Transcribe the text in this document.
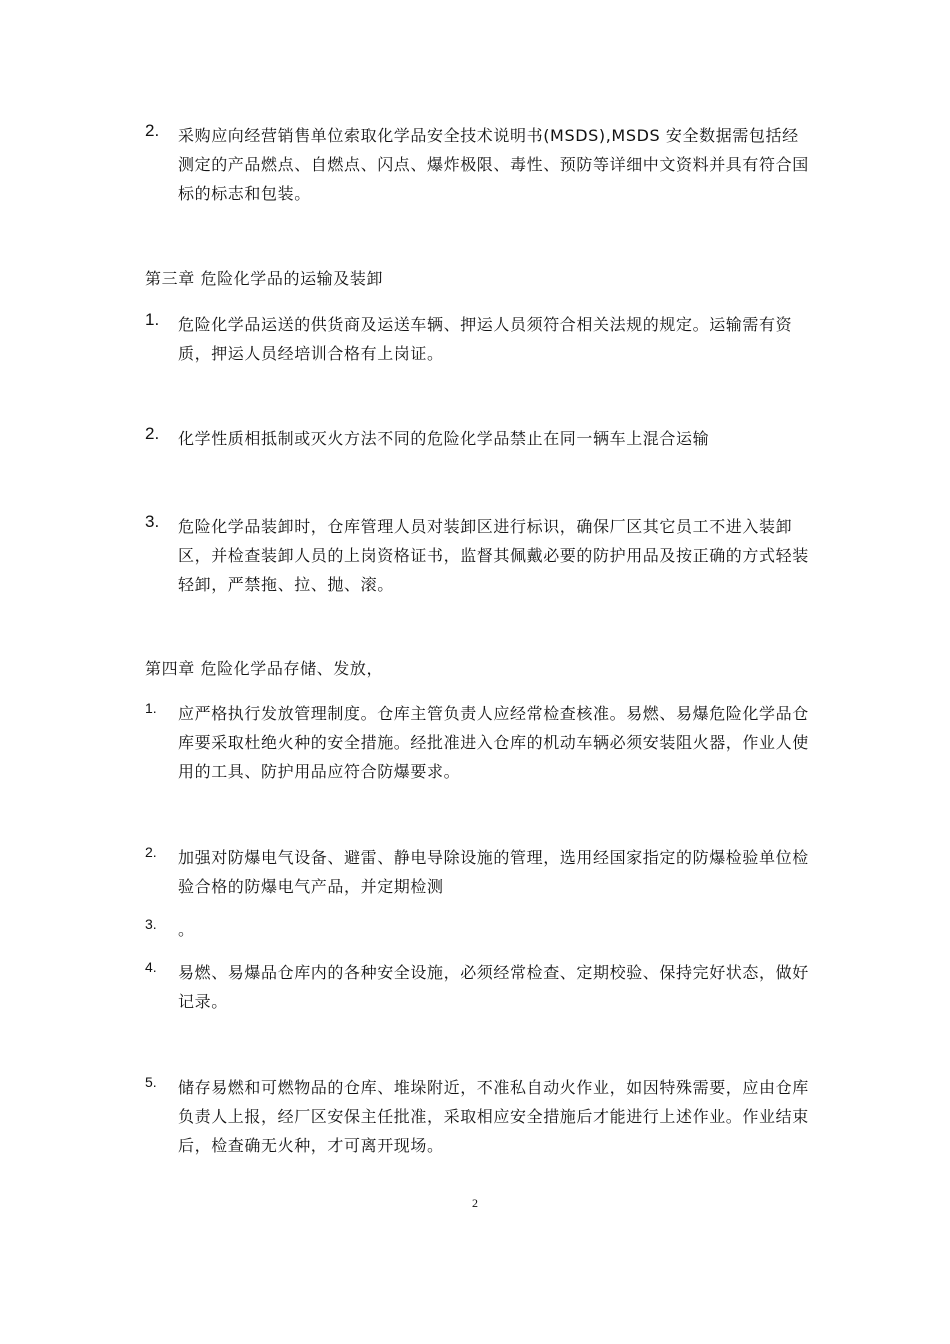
2. 采购应向经营销售单位索取化学品安全技术说明书(MSDS),MSDS 安全数据需包括经测定的产品燃点、自燃点、闪点、爆炸极限、毒性、预防等详细中文资料并具有符合国标的标志和包装。
第三章 危险化学品的运输及装卸
1. 危险化学品运送的供货商及运送车辆、押运人员须符合相关法规的规定。运输需有资质，押运人员经培训合格有上岗证。
2. 化学性质相抵制或灭火方法不同的危险化学品禁止在同一辆车上混合运输
3. 危险化学品装卸时，仓库管理人员对装卸区进行标识，确保厂区其它员工不进入装卸区，并检查装卸人员的上岗资格证书，监督其佩戴必要的防护用品及按正确的方式轻装轻卸，严禁拖、拉、抛、滚。
第四章 危险化学品存储、发放，
1. 应严格执行发放管理制度。仓库主管负责人应经常检查核准。易燃、易爆危险化学品仓库要采取杜绝火种的安全措施。经批准进入仓库的机动车辆必须安装阻火器，作业人使用的工具、防护用品应符合防爆要求。
2. 加强对防爆电气设备、避雷、静电导除设施的管理，选用经国家指定的防爆检验单位检验合格的防爆电气产品，并定期检测
3. 。
4. 易燃、易爆品仓库内的各种安全设施，必须经常检查、定期校验、保持完好状态，做好记录。
5. 储存易燃和可燃物品的仓库、堆垛附近，不准私自动火作业，如因特殊需要，应由仓库负责人上报，经厂区安保主任批准，采取相应安全措施后才能进行上述作业。作业结束后，检查确无火种，才可离开现场。
2
